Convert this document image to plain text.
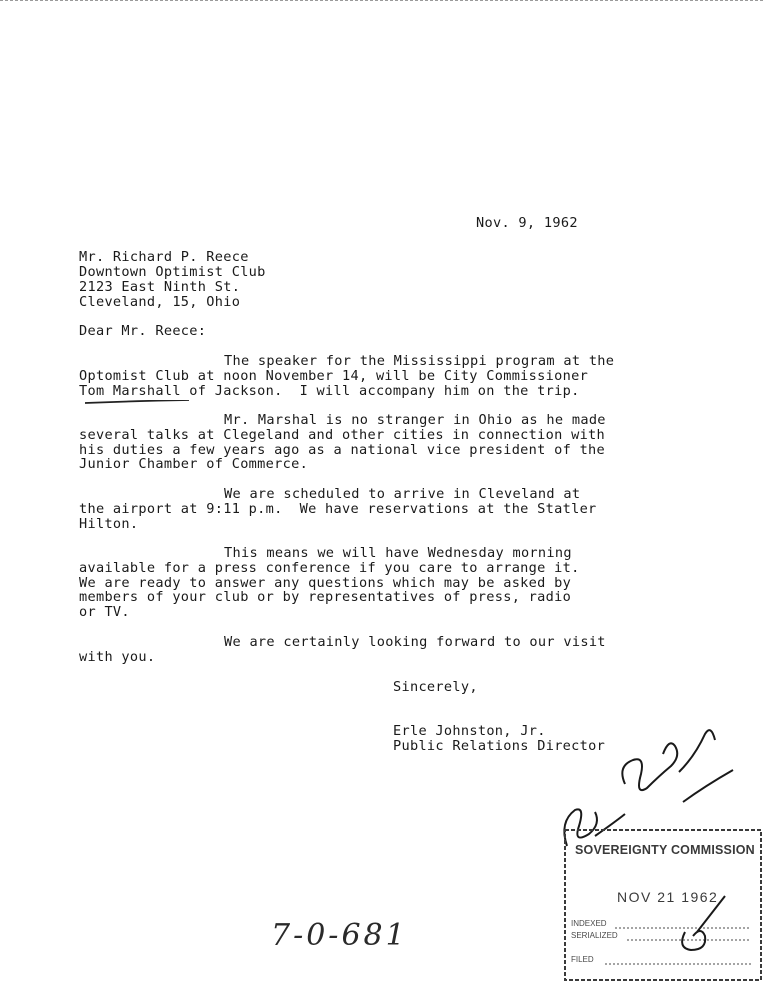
Nov. 9, 1962
Mr. Richard P. Reece
Downtown Optimist Club
2123 East Ninth St.
Cleveland, 15, Ohio
Dear Mr. Reece:
The speaker for the Mississippi program at the
Optomist Club at noon November 14, will be City Commissioner
Tom Marshall of Jackson.  I will accompany him on the trip.
Mr. Marshal is no stranger in Ohio as he made
several talks at Clegeland and other cities in connection with
his duties a few years ago as a national vice president of the
Junior Chamber of Commerce.
We are scheduled to arrive in Cleveland at
the airport at 9:11 p.m.  We have reservations at the Statler
Hilton.
This means we will have Wednesday morning
available for a press conference if you care to arrange it.
We are ready to answer any questions which may be asked by
members of your club or by representatives of press, radio
or TV.
We are certainly looking forward to our visit
with you.
Sincerely,
Erle Johnston, Jr.
Public Relations Director
SOVEREIGNTY COMMISSION
NOV 21 1962
INDEXED
SERIALIZED
FILED
7-0-681
